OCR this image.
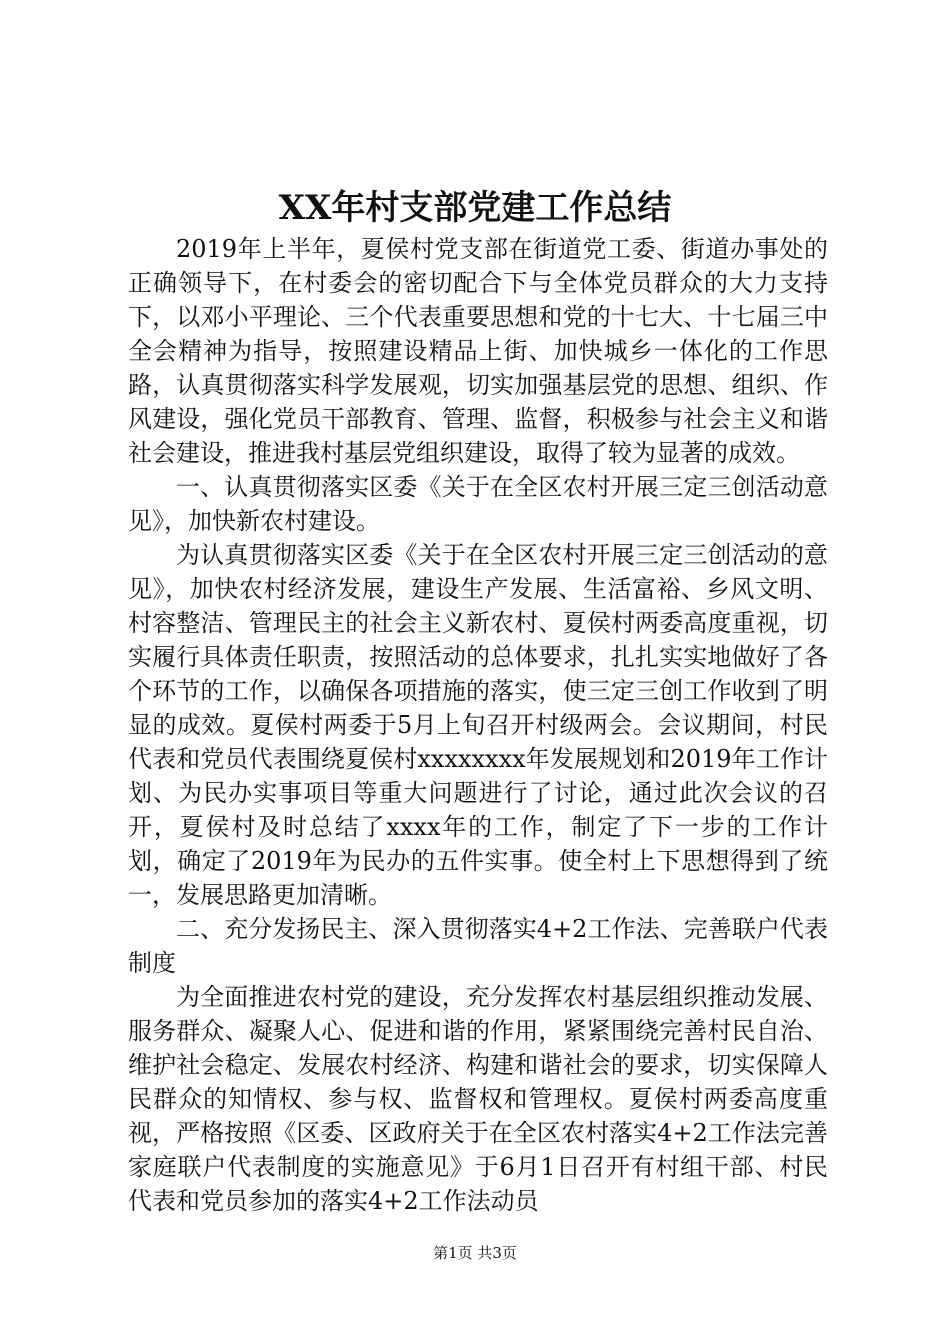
XX年村支部党建工作总结

2019年上半年，夏侯村党支部在街道党工委、街道办事处的正确领导下，在村委会的密切配合下与全体党员群众的大力支持下，以邓小平理论、三个代表重要思想和党的十七大、十七届三中全会精神为指导，按照建设精品上街、加快城乡一体化的工作思路，认真贯彻落实科学发展观，切实加强基层党的思想、组织、作风建设，强化党员干部教育、管理、监督，积极参与社会主义和谐社会建设，推进我村基层党组织建设，取得了较为显著的成效。

一、认真贯彻落实区委《关于在全区农村开展三定三创活动意见》，加快新农村建设。

为认真贯彻落实区委《关于在全区农村开展三定三创活动的意见》，加快农村经济发展，建设生产发展、生活富裕、乡风文明、村容整洁、管理民主的社会主义新农村、夏侯村两委高度重视，切实履行具体责任职责，按照活动的总体要求，扎扎实实地做好了各个环节的工作，以确保各项措施的落实，使三定三创工作收到了明显的成效。夏侯村两委于5月上旬召开村级两会。会议期间，村民代表和党员代表围绕夏侯村xxxxxxxx年发展规划和2019年工作计划、为民办实事项目等重大问题进行了讨论，通过此次会议的召开，夏侯村及时总结了xxxx年的工作，制定了下一步的工作计划，确定了2019年为民办的五件实事。使全村上下思想得到了统一，发展思路更加清晰。

二、充分发扬民主、深入贯彻落实4+2工作法、完善联户代表制度

为全面推进农村党的建设，充分发挥农村基层组织推动发展、服务群众、凝聚人心、促进和谐的作用，紧紧围绕完善村民自治、维护社会稳定、发展农村经济、构建和谐社会的要求，切实保障人民群众的知情权、参与权、监督权和管理权。夏侯村两委高度重视，严格按照《区委、区政府关于在全区农村落实4+2工作法完善家庭联户代表制度的实施意见》于6月1日召开有村组干部、村民代表和党员参加的落实4+2工作法动员

第1页 共3页
